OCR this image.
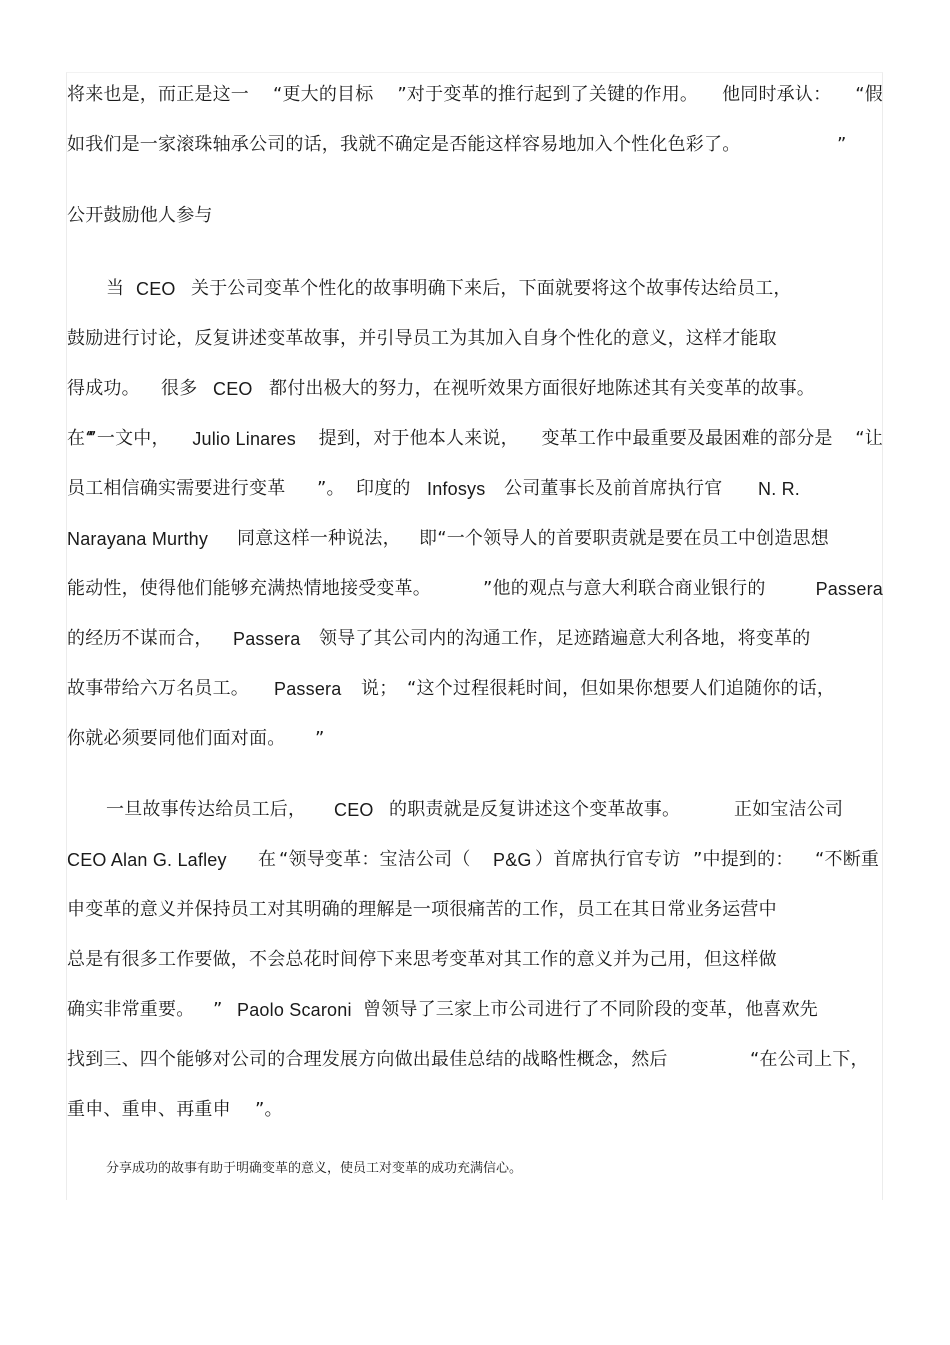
将来也是，而正是这一 “更大的目标 ”对于变革的推行起到了关键的作用。 他同时承认： “假
如我们是一家滚珠轴承公司的话，我就不确定是否能这样容易地加入个性化色彩了。	”
公开鼓励他人参与
当 CEO 关于公司变革个性化的故事明确下来后，下面就要将这个故事传达给员工，
鼓励进行讨论，反复讲述变革故事，并引导员工为其加入自身个性化的意义，这样才能取
得成功。 很多 CEO 都付出极大的努力，在视听效果方面很好地陈述其有关变革的故事。
在“
”一文中， Julio Linares 提到，对于他本人来说， 变革工作中最重要及最困难的部分是 “让
员工相信确实需要进行变革 ”。 印度的 Infosys 公司董事长及前首席执行官 N. R.
Narayana Murthy 同意这样一种说法， 即“一个领导人的首要职责就是要在员工中创造思想
能动性，使得他们能够充满热情地接受变革。	”他的观点与意大利联合商业银行的	Passera
的经历不谋而合， Passera 领导了其公司内的沟通工作，足迹踏遍意大利各地，将变革的
故事带给六万名员工。 Passera 说； “这个过程很耗时间，但如果你想要人们追随你的话，
你就必须要同他们面对面。 ”
一旦故事传达给员工后， CEO 的职责就是反复讲述这个变革故事。	正如宝洁公司
CEO Alan G. Lafley 在 “领导变革：宝洁公司（ P&G ）首席执行官专访 ”中提到的： “不断重
申变革的意义并保持员工对其明确的理解是一项很痛苦的工作，员工在其日常业务运营中
总是有很多工作要做，不会总花时间停下来思考变革对其工作的意义并为己用，但这样做
确实非常重要。 ” Paolo Scaroni 曾领导了三家上市公司进行了不同阶段的变革，他喜欢先
找到三、四个能够对公司的合理发展方向做出最佳总结的战略性概念，然后	“在公司上下，
重申、重申、再重申 ”。
分享成功的故事有助于明确变革的意义，使员工对变革的成功充满信心。
